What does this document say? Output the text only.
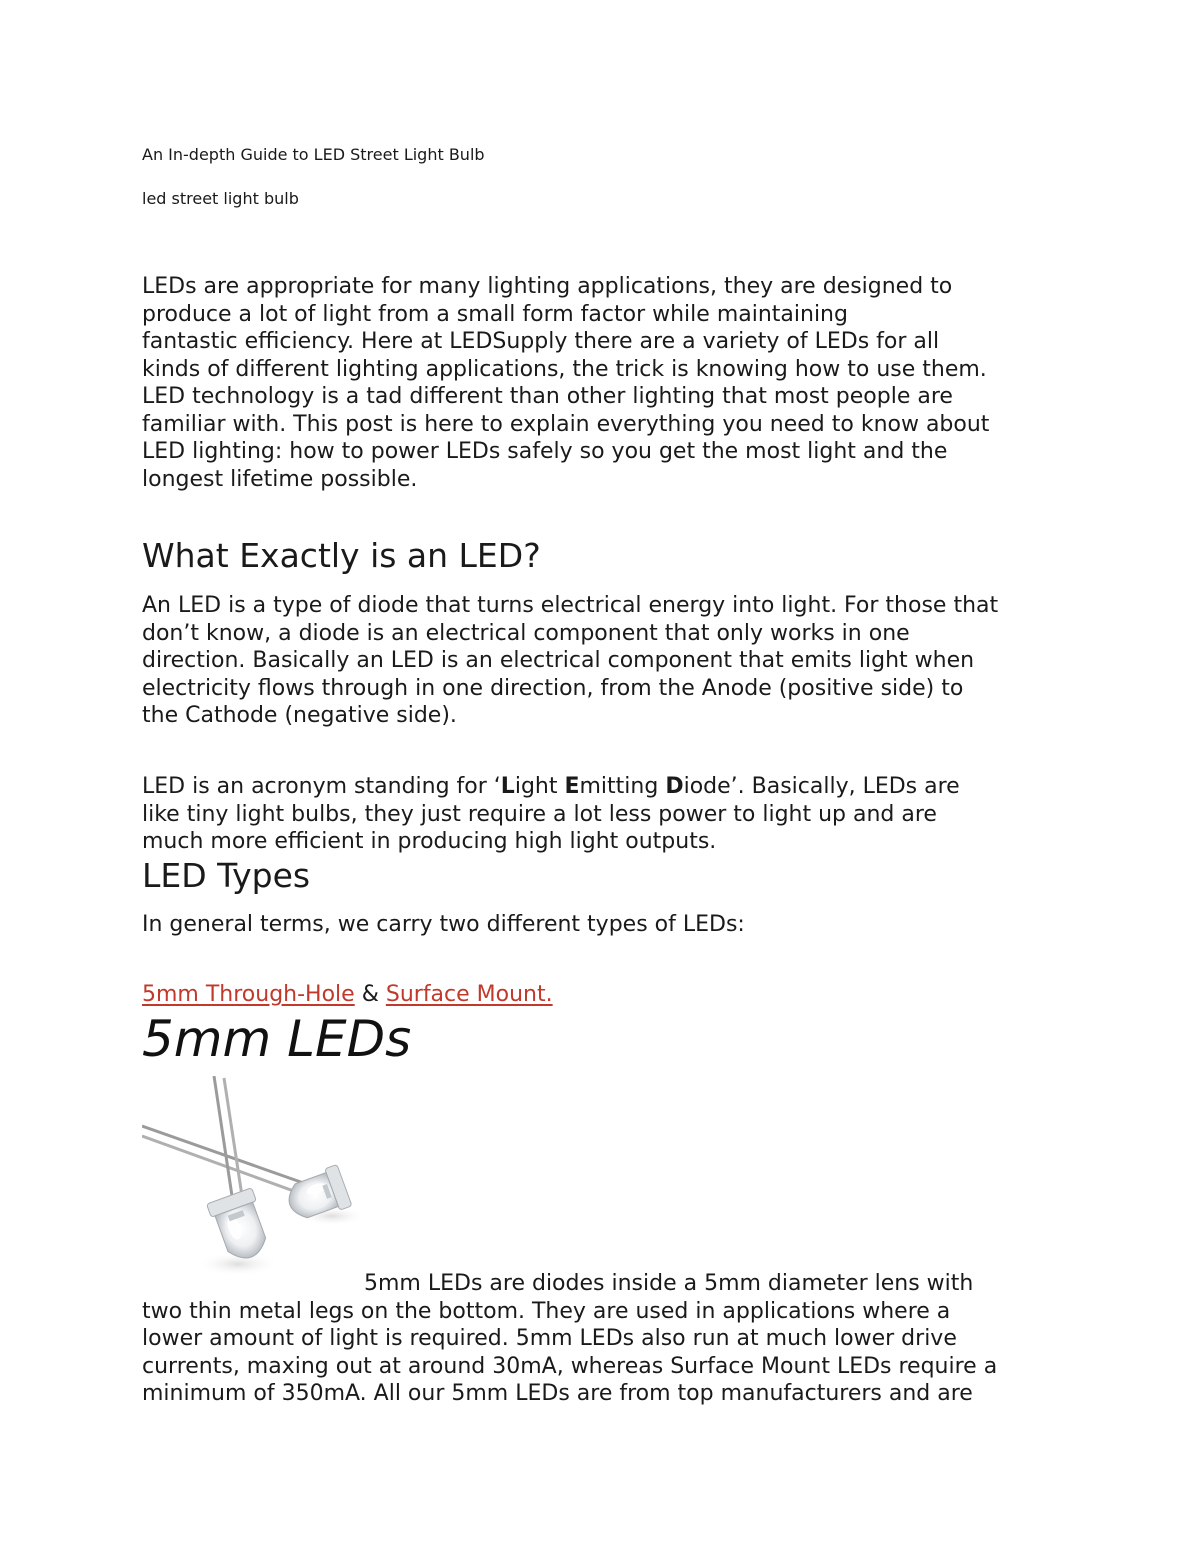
An In-depth Guide to LED Street Light Bulb
led street light bulb
LEDs are appropriate for many lighting applications, they are designed to
produce a lot of light from a small form factor while maintaining
fantastic efficiency. Here at LEDSupply there are a variety of LEDs for all
kinds of different lighting applications, the trick is knowing how to use them.
LED technology is a tad different than other lighting that most people are
familiar with. This post is here to explain everything you need to know about
LED lighting: how to power LEDs safely so you get the most light and the
longest lifetime possible.
What Exactly is an LED?
An LED is a type of diode that turns electrical energy into light. For those that
don’t know, a diode is an electrical component that only works in one
direction. Basically an LED is an electrical component that emits light when
electricity flows through in one direction, from the Anode (positive side) to
the Cathode (negative side).
LED is an acronym standing for ‘Light Emitting Diode’. Basically, LEDs are
like tiny light bulbs, they just require a lot less power to light up and are
much more efficient in producing high light outputs.
LED Types
In general terms, we carry two different types of LEDs:
5mm Through-Hole & Surface Mount.
5mm LEDs
5mm LEDs are diodes inside a 5mm diameter lens with
two thin metal legs on the bottom. They are used in applications where a
lower amount of light is required. 5mm LEDs also run at much lower drive
currents, maxing out at around 30mA, whereas Surface Mount LEDs require a
minimum of 350mA. All our 5mm LEDs are from top manufacturers and are
